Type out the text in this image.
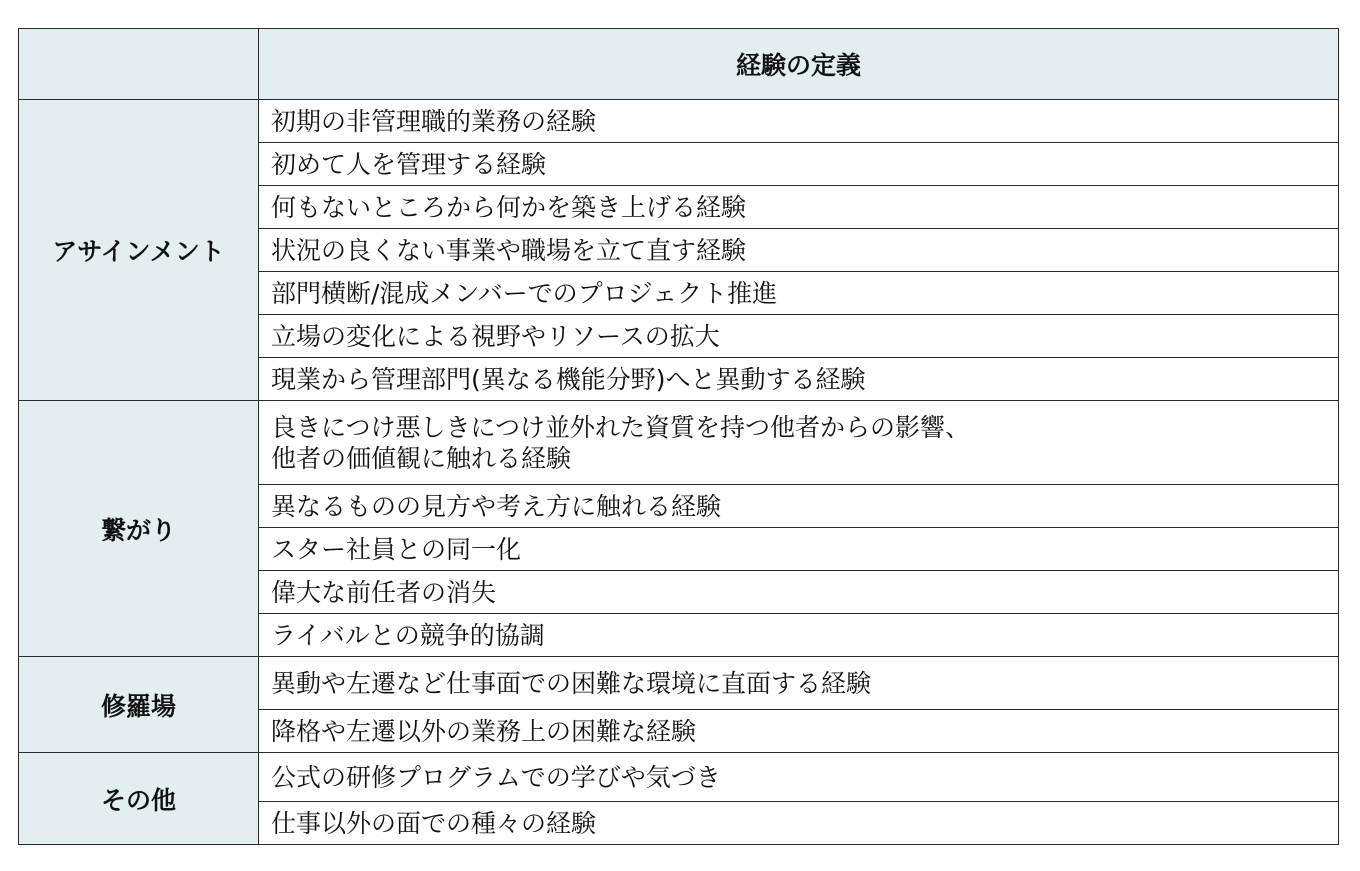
	経験の定義
アサインメント	初期の非管理職的業務の経験
	初めて人を管理する経験
	何もないところから何かを築き上げる経験
	状況の良くない事業や職場を立て直す経験
	部門横断/混成メンバーでのプロジェクト推進
	立場の変化による視野やリソースの拡大
	現業から管理部門(異なる機能分野)へと異動する経験
繋がり	良きにつけ悪しきにつけ並外れた資質を持つ他者からの影響、
他者の価値観に触れる経験

	異なるものの見方や考え方に触れる経験
	スター社員との同一化
	偉大な前任者の消失
	ライバルとの競争的協調
修羅場	異動や左遷など仕事面での困難な環境に直面する経験
	降格や左遷以外の業務上の困難な経験
その他	公式の研修プログラムでの学びや気づき
	仕事以外の面での種々の経験
